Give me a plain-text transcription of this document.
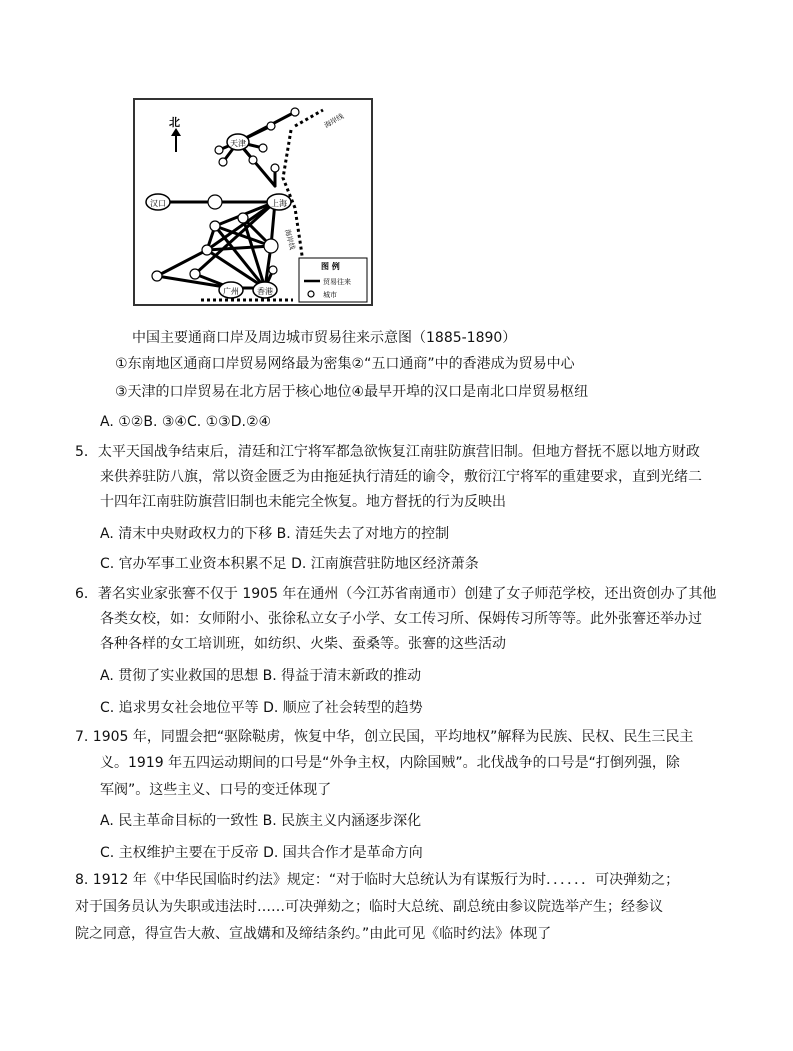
北	海岸线
海岸线
天津
汉口	上海
广州 香港
图 例
贸易往来
城市
中国主要通商口岸及周边城市贸易往来示意图（1885-1890）
①东南地区通商口岸贸易网络最为密集②“五口通商”中的香港成为贸易中心
③天津的口岸贸易在北方居于核心地位④最早开埠的汉口是南北口岸贸易枢纽
A. ①②B. ③④C. ①③D.②④
5．太平天国战争结束后，清廷和江宁将军都急欲恢复江南驻防旗营旧制。但地方督抚不愿以地方财政
来供养驻防八旗，常以资金匮乏为由拖延执行清廷的谕令，敷衍江宁将军的重建要求，直到光绪二
十四年江南驻防旗营旧制也未能完全恢复。地方督抚的行为反映出
A. 清末中央财政权力的下移 B. 清廷失去了对地方的控制
C. 官办军事工业资本积累不足 D. 江南旗营驻防地区经济萧条
6．著名实业家张謇不仅于 1905 年在通州（今江苏省南通市）创建了女子师范学校，还出资创办了其他
各类女校，如：女师附小、张徐私立女子小学、女工传习所、保姆传习所等等。此外张謇还举办过
各种各样的女工培训班，如纺织、火柴、蚕桑等。张謇的这些活动
A. 贯彻了实业救国的思想 B. 得益于清末新政的推动
C. 追求男女社会地位平等 D. 顺应了社会转型的趋势
7. 1905 年，同盟会把“驱除鞑虏，恢复中华，创立民国，平均地权”解释为民族、民权、民生三民主
义。1919 年五四运动期间的口号是“外争主权，内除国贼”。北伐战争的口号是“打倒列强，除
军阀”。这些主义、口号的变迁体现了
A. 民主革命目标的一致性 B. 民族主义内涵逐步深化
C. 主权维护主要在于反帝 D. 国共合作才是革命方向
8. 1912 年《中华民国临时约法》规定：“对于临时大总统认为有谋叛行为时．．．．．．可决弹劾之；
对于国务员认为失职或违法时……可决弹劾之；临时大总统、副总统由参议院选举产生；经参议
院之同意，得宣告大赦、宣战媾和及缔结条约。”由此可见《临时约法》体现了
